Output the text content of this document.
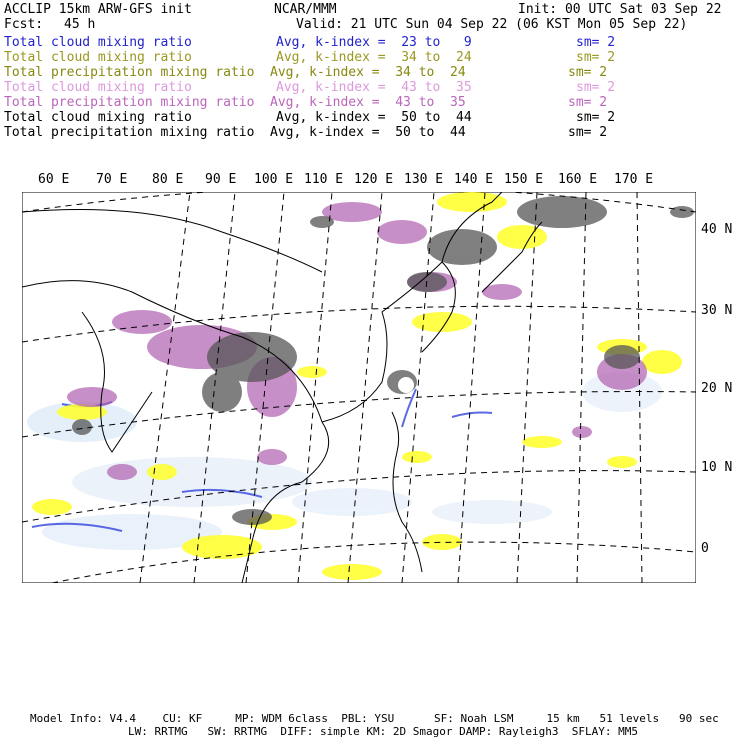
ACCLIP 15km ARW-GFS init	NCAR/MMM	Init: 00 UTC Sat 03 Sep 22
Fcst: 45 h	Valid: 21 UTC Sun 04 Sep 22 (06 KST Mon 05 Sep 22)
Total cloud mixing ratio	Avg, k-index =  23 to   9	sm= 2
Total cloud mixing ratio	Avg, k-index =  34 to  24	sm= 2
Total precipitation mixing ratio Avg, k-index =  34 to  24	sm= 2
Total cloud mixing ratio	Avg, k-index =  43 to  35	sm= 2
Total precipitation mixing ratio Avg, k-index =  43 to  35	sm= 2
Total cloud mixing ratio	Avg, k-index =  50 to  44	sm= 2
Total precipitation mixing ratio Avg, k-index =  50 to  44	sm= 2
60 E 70 E 80 E 90 E 100 E 110 E 120 E 130 E 140 E 150 E 160 E 170 E
40 N
30 N
20 N
10 N
0
Model Info: V4.4    CU: KF     MP: WDM 6class  PBL: YSU      SF: Noah LSM     15 km   51 levels   90 sec
LW: RRTMG   SW: RRTMG  DIFF: simple KM: 2D Smagor DAMP: Rayleigh3  SFLAY: MM5
